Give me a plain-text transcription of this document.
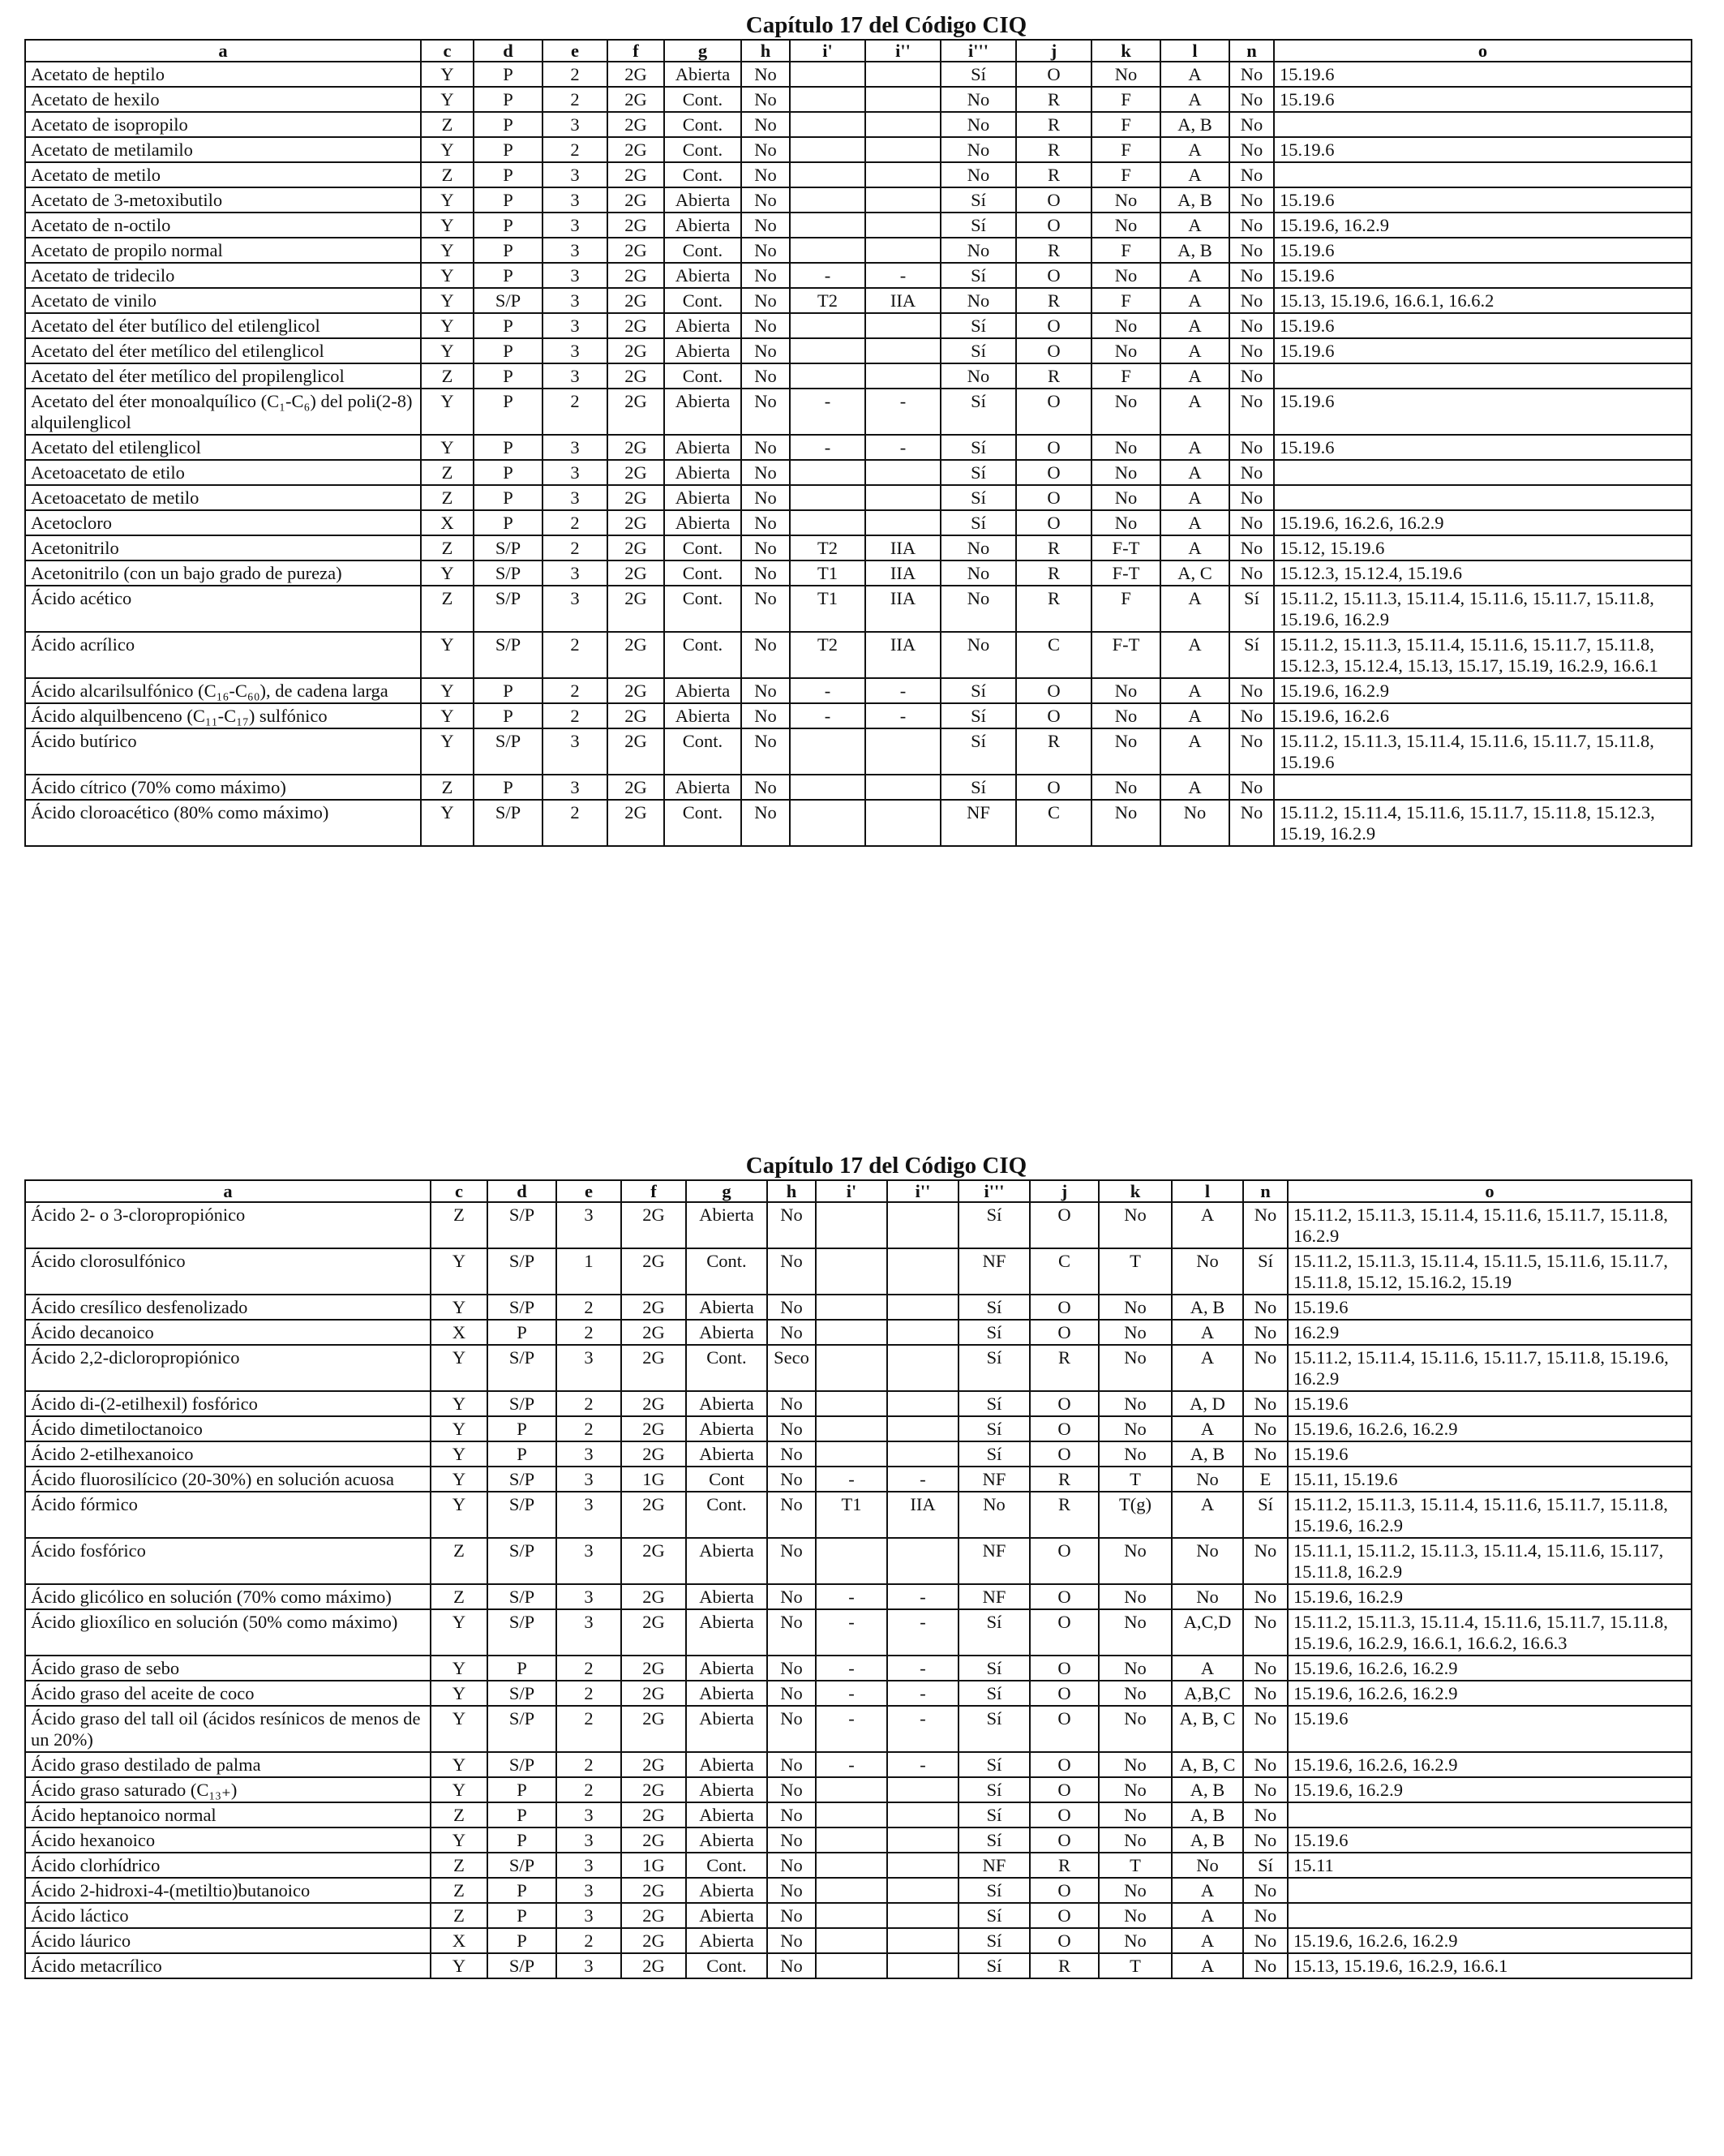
Capítulo 17 del Código CIQ
a	c	d	e	f	g	h	i'	i''	i'''	j	k	l	n	o
Acetato de heptilo	Y	P	2	2G	Abierta	No			Sí	O	No	A	No	15.19.6
Acetato de hexilo	Y	P	2	2G	Cont.	No			No	R	F	A	No	15.19.6
Acetato de isopropilo	Z	P	3	2G	Cont.	No			No	R	F	A, B	No	
Acetato de metilamilo	Y	P	2	2G	Cont.	No			No	R	F	A	No	15.19.6
Acetato de metilo	Z	P	3	2G	Cont.	No			No	R	F	A	No	
Acetato de 3-metoxibutilo	Y	P	3	2G	Abierta	No			Sí	O	No	A, B	No	15.19.6
Acetato de n-octilo	Y	P	3	2G	Abierta	No			Sí	O	No	A	No	15.19.6, 16.2.9
Acetato de propilo normal	Y	P	3	2G	Cont.	No			No	R	F	A, B	No	15.19.6
Acetato de tridecilo	Y	P	3	2G	Abierta	No	-	-	Sí	O	No	A	No	15.19.6
Acetato de vinilo	Y	S/P	3	2G	Cont.	No	T2	IIA	No	R	F	A	No	15.13, 15.19.6, 16.6.1, 16.6.2
Acetato del éter butílico del etilenglicol	Y	P	3	2G	Abierta	No			Sí	O	No	A	No	15.19.6
Acetato del éter metílico del etilenglicol	Y	P	3	2G	Abierta	No			Sí	O	No	A	No	15.19.6
Acetato del éter metílico del propilenglicol	Z	P	3	2G	Cont.	No			No	R	F	A	No	
Acetato del éter monoalquílico (C₁-C₆) del poli(2-8) alquilenglicol	Y	P	2	2G	Abierta	No	-	-	Sí	O	No	A	No	15.19.6
Acetato del etilenglicol	Y	P	3	2G	Abierta	No	-	-	Sí	O	No	A	No	15.19.6
Acetoacetato de etilo	Z	P	3	2G	Abierta	No			Sí	O	No	A	No	
Acetoacetato de metilo	Z	P	3	2G	Abierta	No			Sí	O	No	A	No	
Acetocloro	X	P	2	2G	Abierta	No			Sí	O	No	A	No	15.19.6, 16.2.6, 16.2.9
Acetonitrilo	Z	S/P	2	2G	Cont.	No	T2	IIA	No	R	F-T	A	No	15.12, 15.19.6
Acetonitrilo (con un bajo grado de pureza)	Y	S/P	3	2G	Cont.	No	T1	IIA	No	R	F-T	A, C	No	15.12.3, 15.12.4, 15.19.6
Ácido acético	Z	S/P	3	2G	Cont.	No	T1	IIA	No	R	F	A	Sí	15.11.2, 15.11.3, 15.11.4, 15.11.6, 15.11.7, 15.11.8, 15.19.6, 16.2.9
Ácido acrílico	Y	S/P	2	2G	Cont.	No	T2	IIA	No	C	F-T	A	Sí	15.11.2, 15.11.3, 15.11.4, 15.11.6, 15.11.7, 15.11.8, 15.12.3, 15.12.4, 15.13, 15.17, 15.19, 16.2.9, 16.6.1
Ácido alcarilsulfónico (C₁₆-C₆₀), de cadena larga	Y	P	2	2G	Abierta	No	-	-	Sí	O	No	A	No	15.19.6, 16.2.9
Ácido alquilbenceno (C₁₁-C₁₇) sulfónico	Y	P	2	2G	Abierta	No	-	-	Sí	O	No	A	No	15.19.6, 16.2.6
Ácido butírico	Y	S/P	3	2G	Cont.	No			Sí	R	No	A	No	15.11.2, 15.11.3, 15.11.4, 15.11.6, 15.11.7, 15.11.8, 15.19.6
Ácido cítrico (70% como máximo)	Z	P	3	2G	Abierta	No			Sí	O	No	A	No	
Ácido cloroacético (80% como máximo)	Y	S/P	2	2G	Cont.	No			NF	C	No	No	No	15.11.2, 15.11.4, 15.11.6, 15.11.7, 15.11.8, 15.12.3, 15.19, 16.2.9
Capítulo 17 del Código CIQ
a	c	d	e	f	g	h	i'	i''	i'''	j	k	l	n	o
Ácido 2- o 3-cloropropiónico	Z	S/P	3	2G	Abierta	No			Sí	O	No	A	No	15.11.2, 15.11.3, 15.11.4, 15.11.6, 15.11.7, 15.11.8, 16.2.9
Ácido clorosulfónico	Y	S/P	1	2G	Cont.	No			NF	C	T	No	Sí	15.11.2, 15.11.3, 15.11.4, 15.11.5, 15.11.6, 15.11.7, 15.11.8, 15.12, 15.16.2, 15.19
Ácido cresílico desfenolizado	Y	S/P	2	2G	Abierta	No			Sí	O	No	A, B	No	15.19.6
Ácido decanoico	X	P	2	2G	Abierta	No			Sí	O	No	A	No	16.2.9
Ácido 2,2-dicloropropiónico	Y	S/P	3	2G	Cont.	Seco			Sí	R	No	A	No	15.11.2, 15.11.4, 15.11.6, 15.11.7, 15.11.8, 15.19.6, 16.2.9
Ácido di-(2-etilhexil) fosfórico	Y	S/P	2	2G	Abierta	No			Sí	O	No	A, D	No	15.19.6
Ácido dimetiloctanoico	Y	P	2	2G	Abierta	No			Sí	O	No	A	No	15.19.6, 16.2.6, 16.2.9
Ácido 2-etilhexanoico	Y	P	3	2G	Abierta	No			Sí	O	No	A, B	No	15.19.6
Ácido fluorosilícico (20-30%) en solución acuosa	Y	S/P	3	1G	Cont	No	-	-	NF	R	T	No	E	15.11, 15.19.6
Ácido fórmico	Y	S/P	3	2G	Cont.	No	T1	IIA	No	R	T(g)	A	Sí	15.11.2, 15.11.3, 15.11.4, 15.11.6, 15.11.7, 15.11.8, 15.19.6, 16.2.9
Ácido fosfórico	Z	S/P	3	2G	Abierta	No			NF	O	No	No	No	15.11.1, 15.11.2, 15.11.3, 15.11.4, 15.11.6, 15.117, 15.11.8, 16.2.9
Ácido glicólico en solución (70% como máximo)	Z	S/P	3	2G	Abierta	No	-	-	NF	O	No	No	No	15.19.6, 16.2.9
Ácido glioxílico en solución (50% como máximo)	Y	S/P	3	2G	Abierta	No	-	-	Sí	O	No	A,C,D	No	15.11.2, 15.11.3, 15.11.4, 15.11.6, 15.11.7, 15.11.8, 15.19.6, 16.2.9, 16.6.1, 16.6.2, 16.6.3
Ácido graso de sebo	Y	P	2	2G	Abierta	No	-	-	Sí	O	No	A	No	15.19.6, 16.2.6, 16.2.9
Ácido graso del aceite de coco	Y	S/P	2	2G	Abierta	No	-	-	Sí	O	No	A,B,C	No	15.19.6, 16.2.6, 16.2.9
Ácido graso del tall oil (ácidos resínicos de menos de un 20%)	Y	S/P	2	2G	Abierta	No	-	-	Sí	O	No	A, B, C	No	15.19.6
Ácido graso destilado de palma	Y	S/P	2	2G	Abierta	No	-	-	Sí	O	No	A, B, C	No	15.19.6, 16.2.6, 16.2.9
Ácido graso saturado (C₁₃₊)	Y	P	2	2G	Abierta	No			Sí	O	No	A, B	No	15.19.6, 16.2.9
Ácido heptanoico normal	Z	P	3	2G	Abierta	No			Sí	O	No	A, B	No	
Ácido hexanoico	Y	P	3	2G	Abierta	No			Sí	O	No	A, B	No	15.19.6
Ácido clorhídrico	Z	S/P	3	1G	Cont.	No			NF	R	T	No	Sí	15.11
Ácido 2-hidroxi-4-(metiltio)butanoico	Z	P	3	2G	Abierta	No			Sí	O	No	A	No	
Ácido láctico	Z	P	3	2G	Abierta	No			Sí	O	No	A	No	
Ácido láurico	X	P	2	2G	Abierta	No			Sí	O	No	A	No	15.19.6, 16.2.6, 16.2.9
Ácido metacrílico	Y	S/P	3	2G	Cont.	No			Sí	R	T	A	No	15.13, 15.19.6, 16.2.9, 16.6.1
